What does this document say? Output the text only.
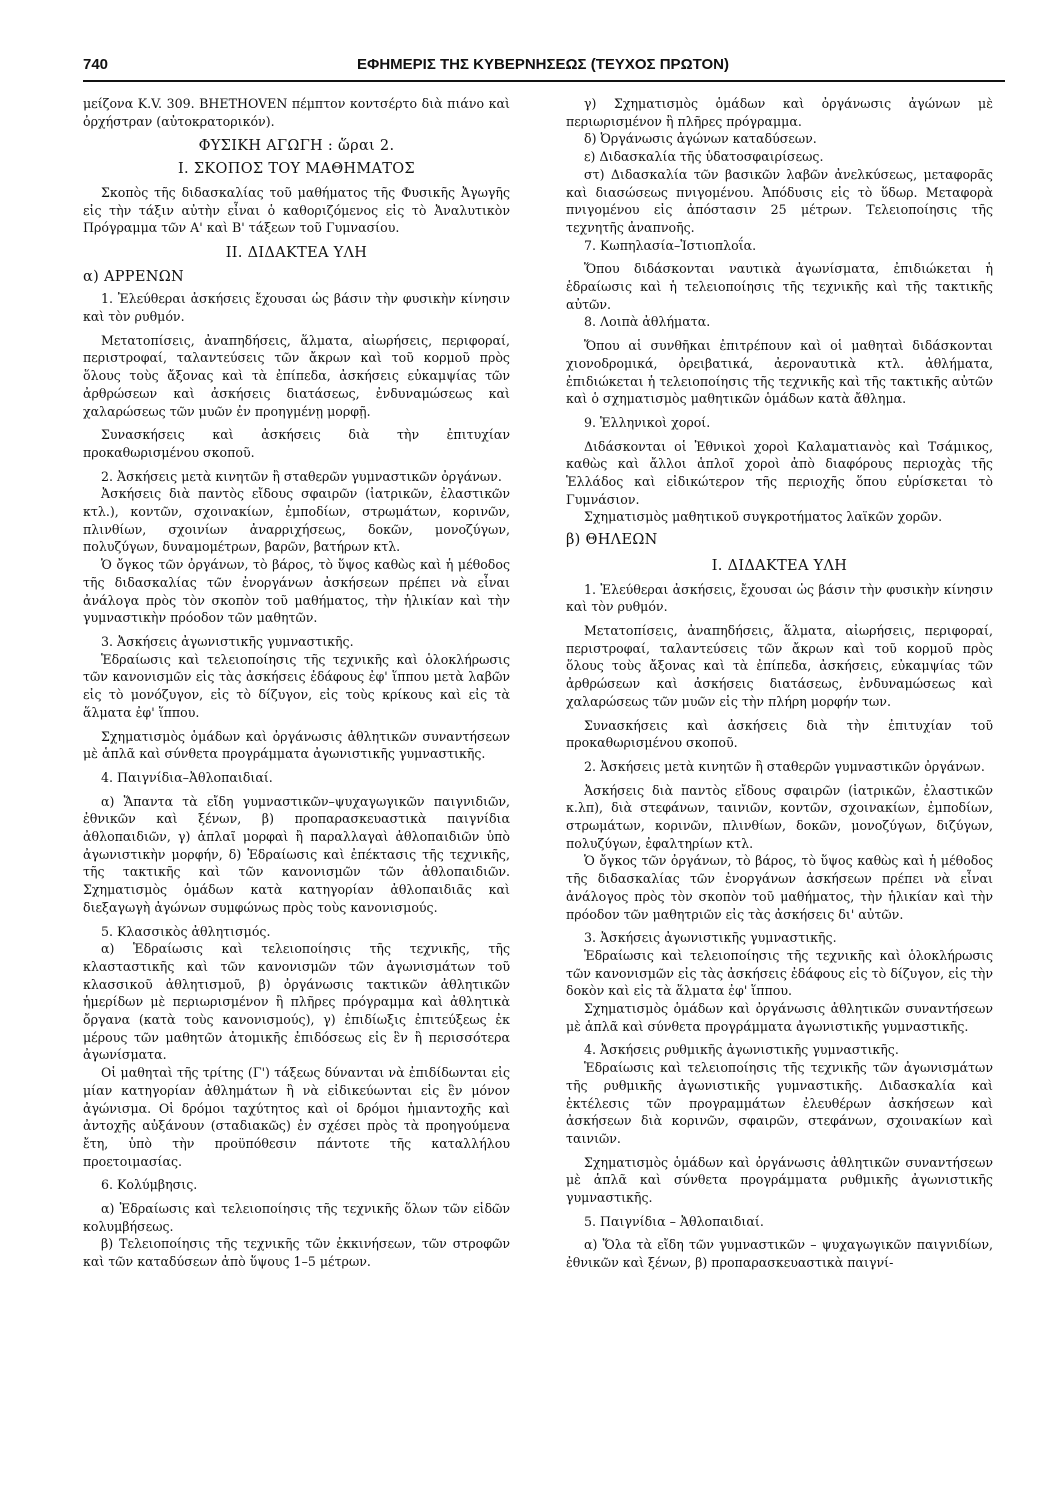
740	ΕΦΗΜΕΡΙΣ ΤΗΣ ΚΥΒΕΡΝΗΣΕΩΣ (ΤΕΥΧΟΣ ΠΡΩΤΟΝ)

μείζονα K.V. 309. BHETHOVEN πέμπτον κοντσέρτο διὰ πιάνο καὶ ὀρχήστραν (αὐτοκρατορικόν).

ΦΥΣΙΚΗ ΑΓΩΓΗ : ὥραι 2.
Ι. ΣΚΟΠΟΣ ΤΟΥ ΜΑΘΗΜΑΤΟΣ

Σκοπὸς τῆς διδασκαλίας τοῦ μαθήματος τῆς Φυσικῆς Ἀγωγῆς εἰς τὴν τάξιν αὐτὴν εἶναι ὁ καθοριζόμενος εἰς τὸ Ἀναλυτικὸν Πρόγραμμα τῶν Α' καὶ Β' τάξεων τοῦ Γυμνασίου.

ΙΙ. ΔΙΔΑΚΤΕΑ ΥΛΗ
α) ΑΡΡΕΝΩΝ

1. Ἐλεύθεραι ἀσκήσεις ἔχουσαι ὡς βάσιν τὴν φυσικὴν κίνησιν καὶ τὸν ρυθμόν.

Μετατοπίσεις, ἀναπηδήσεις, ἅλματα, αἰωρήσεις, περιφοραί, περιστροφαί, ταλαντεύσεις τῶν ἄκρων καὶ τοῦ κορμοῦ πρὸς ὅλους τοὺς ἄξονας καὶ τὰ ἐπίπεδα, ἀσκήσεις εὐκαμψίας τῶν ἀρθρώσεων καὶ ἀσκήσεις διατάσεως, ἐνδυναμώσεως καὶ χαλαρώσεως τῶν μυῶν ἐν προηγμένῃ μορφῇ.

Συνασκήσεις καὶ ἀσκήσεις διὰ τὴν ἐπιτυχίαν προκαθωρισμένου σκοποῦ.

2. Ἀσκήσεις μετὰ κινητῶν ἢ σταθερῶν γυμναστικῶν ὀργάνων.

Ἀσκήσεις διὰ παντὸς εἴδους σφαιρῶν (ἰατρικῶν, ἐλαστικῶν κτλ.), κοντῶν, σχοινακίων, ἐμποδίων, στρωμάτων, κορινῶν, πλινθίων, σχοινίων ἀναρριχήσεως, δοκῶν, μονοζύγων, πολυζύγων, δυναμομέτρων, βαρῶν, βατήρων κτλ.

Ὁ ὄγκος τῶν ὀργάνων, τὸ βάρος, τὸ ὕψος καθὼς καὶ ἡ μέθοδος τῆς διδασκαλίας τῶν ἐνοργάνων ἀσκήσεων πρέπει νὰ εἶναι ἀνάλογα πρὸς τὸν σκοπὸν τοῦ μαθήματος, τὴν ἡλικίαν καὶ τὴν γυμναστικὴν πρόοδον τῶν μαθητῶν.

3. Ἀσκήσεις ἀγωνιστικῆς γυμναστικῆς.

Ἑδραίωσις καὶ τελειοποίησις τῆς τεχνικῆς καὶ ὁλοκλήρωσις τῶν κανονισμῶν εἰς τὰς ἀσκήσεις ἐδάφους ἐφ' ἵππου μετὰ λαβῶν εἰς τὸ μονόζυγον, εἰς τὸ δίζυγον, εἰς τοὺς κρίκους καὶ εἰς τὰ ἅλματα ἐφ' ἵππου.

Σχηματισμὸς ὁμάδων καὶ ὀργάνωσις ἀθλητικῶν συναντήσεων μὲ ἁπλᾶ καὶ σύνθετα προγράμματα ἀγωνιστικῆς γυμναστικῆς.

4. Παιγνίδια–Ἀθλοπαιδιαί.

α) Ἅπαντα τὰ εἴδη γυμναστικῶν–ψυχαγωγικῶν παιγνιδιῶν, ἐθνικῶν καὶ ξένων, β) προπαρασκευαστικὰ παιγνίδια ἀθλοπαιδιῶν, γ) ἁπλαῖ μορφαὶ ἢ παραλλαγαὶ ἀθλοπαιδιῶν ὑπὸ ἀγωνιστικὴν μορφήν, δ) Ἑδραίωσις καὶ ἐπέκτασις τῆς τεχνικῆς, τῆς τακτικῆς καὶ τῶν κανονισμῶν τῶν ἀθλοπαιδιῶν. Σχηματισμὸς ὁμάδων κατὰ κατηγορίαν ἀθλοπαιδιᾶς καὶ διεξαγωγὴ ἀγώνων συμφώνως πρὸς τοὺς κανονισμούς.

5. Κλασσικὸς ἀθλητισμός.

α) Ἑδραίωσις καὶ τελειοποίησις τῆς τεχνικῆς, τῆς κλασταστικῆς καὶ τῶν κανονισμῶν τῶν ἀγωνισμάτων τοῦ κλασσικοῦ ἀθλητισμοῦ, β) ὀργάνωσις τακτικῶν ἀθλητικῶν ἡμερίδων μὲ περιωρισμένον ἢ πλῆρες πρόγραμμα καὶ ἀθλητικὰ ὄργανα (κατὰ τοὺς κανονισμούς), γ) ἐπιδίωξις ἐπιτεύξεως ἐκ μέρους τῶν μαθητῶν ἀτομικῆς ἐπιδόσεως εἰς ἓν ἢ περισσότερα ἀγωνίσματα.

Οἱ μαθηταὶ τῆς τρίτης (Γ') τάξεως δύνανται νὰ ἐπιδίδωνται εἰς μίαν κατηγορίαν ἀθλημάτων ἢ νὰ εἰδικεύωνται εἰς ἓν μόνον ἀγώνισμα. Οἱ δρόμοι ταχύτητος καὶ οἱ δρόμοι ἡμιαντοχῆς καὶ ἀντοχῆς αὐξάνουν (σταδιακῶς) ἐν σχέσει πρὸς τὰ προηγούμενα ἔτη, ὑπὸ τὴν προϋπόθεσιν πάντοτε τῆς καταλλήλου προετοιμασίας.

6. Κολύμβησις.

α) Ἑδραίωσις καὶ τελειοποίησις τῆς τεχνικῆς ὅλων τῶν εἰδῶν κολυμβήσεως.

β) Τελειοποίησις τῆς τεχνικῆς τῶν ἐκκινήσεων, τῶν στροφῶν καὶ τῶν καταδύσεων ἀπὸ ὕψους 1–5 μέτρων.

γ) Σχηματισμὸς ὁμάδων καὶ ὀργάνωσις ἀγώνων μὲ περιωρισμένον ἢ πλῆρες πρόγραμμα.

δ) Ὀργάνωσις ἀγώνων καταδύσεων.

ε) Διδασκαλία τῆς ὑδατοσφαιρίσεως.

στ) Διδασκαλία τῶν βασικῶν λαβῶν ἀνελκύσεως, μεταφορᾶς καὶ διασώσεως πνιγομένου. Ἀπόδυσις εἰς τὸ ὕδωρ. Μεταφορὰ πνιγομένου εἰς ἀπόστασιν 25 μέτρων. Τελειοποίησις τῆς τεχνητῆς ἀναπνοῆς.

7. Κωπηλασία–Ἱστιοπλοΐα.

Ὅπου διδάσκονται ναυτικὰ ἀγωνίσματα, ἐπιδιώκεται ἡ ἑδραίωσις καὶ ἡ τελειοποίησις τῆς τεχνικῆς καὶ τῆς τακτικῆς αὐτῶν.

8. Λοιπὰ ἀθλήματα.

Ὅπου αἱ συνθῆκαι ἐπιτρέπουν καὶ οἱ μαθηταὶ διδάσκονται χιονοδρομικά, ὀρειβατικά, ἀεροναυτικὰ κτλ. ἀθλήματα, ἐπιδιώκεται ἡ τελειοποίησις τῆς τεχνικῆς καὶ τῆς τακτικῆς αὐτῶν καὶ ὁ σχηματισμὸς μαθητικῶν ὁμάδων κατὰ ἄθλημα.

9. Ἑλληνικοὶ χοροί.

Διδάσκονται οἱ Ἐθνικοὶ χοροὶ Καλαματιανὸς καὶ Τσάμικος, καθὼς καὶ ἄλλοι ἁπλοῖ χοροὶ ἀπὸ διαφόρους περιοχὰς τῆς Ἑλλάδος καὶ εἰδικώτερον τῆς περιοχῆς ὅπου εὑρίσκεται τὸ Γυμνάσιον.

Σχηματισμὸς μαθητικοῦ συγκροτήματος λαϊκῶν χορῶν.

β) ΘΗΛΕΩΝ
Ι. ΔΙΔΑΚΤΕΑ ΥΛΗ

1. Ἐλεύθεραι ἀσκήσεις, ἔχουσαι ὡς βάσιν τὴν φυσικὴν κίνησιν καὶ τὸν ρυθμόν.

Μετατοπίσεις, ἀναπηδήσεις, ἅλματα, αἰωρήσεις, περιφοραί, περιστροφαί, ταλαντεύσεις τῶν ἄκρων καὶ τοῦ κορμοῦ πρὸς ὅλους τοὺς ἄξονας καὶ τὰ ἐπίπεδα, ἀσκήσεις, εὐκαμψίας τῶν ἀρθρώσεων καὶ ἀσκήσεις διατάσεως, ἐνδυναμώσεως καὶ χαλαρώσεως τῶν μυῶν εἰς τὴν πλήρη μορφήν των.

Συνασκήσεις καὶ ἀσκήσεις διὰ τὴν ἐπιτυχίαν τοῦ προκαθωρισμένου σκοποῦ.

2. Ἀσκήσεις μετὰ κινητῶν ἢ σταθερῶν γυμναστικῶν ὀργάνων.

Ἀσκήσεις διὰ παντὸς εἴδους σφαιρῶν (ἰατρικῶν, ἐλαστικῶν κ.λπ), διὰ στεφάνων, ταινιῶν, κοντῶν, σχοινακίων, ἐμποδίων, στρωμάτων, κορινῶν, πλινθίων, δοκῶν, μονοζύγων, διζύγων, πολυζύγων, ἐφαλτηρίων κτλ.

Ὁ ὄγκος τῶν ὀργάνων, τὸ βάρος, τὸ ὕψος καθὼς καὶ ἡ μέθοδος τῆς διδασκαλίας τῶν ἐνοργάνων ἀσκήσεων πρέπει νὰ εἶναι ἀνάλογος πρὸς τὸν σκοπὸν τοῦ μαθήματος, τὴν ἡλικίαν καὶ τὴν πρόοδον τῶν μαθητριῶν εἰς τὰς ἀσκήσεις δι' αὐτῶν.

3. Ἀσκήσεις ἀγωνιστικῆς γυμναστικῆς.

Ἑδραίωσις καὶ τελειοποίησις τῆς τεχνικῆς καὶ ὁλοκλήρωσις τῶν κανονισμῶν εἰς τὰς ἀσκήσεις ἐδάφους εἰς τὸ δίζυγον, εἰς τὴν δοκὸν καὶ εἰς τὰ ἅλματα ἐφ' ἵππου.

Σχηματισμὸς ὁμάδων καὶ ὀργάνωσις ἀθλητικῶν συναντήσεων μὲ ἁπλᾶ καὶ σύνθετα προγράμματα ἀγωνιστικῆς γυμναστικῆς.

4. Ἀσκήσεις ρυθμικῆς ἀγωνιστικῆς γυμναστικῆς.

Ἑδραίωσις καὶ τελειοποίησις τῆς τεχνικῆς τῶν ἀγωνισμάτων τῆς ρυθμικῆς ἀγωνιστικῆς γυμναστικῆς. Διδασκαλία καὶ ἐκτέλεσις τῶν προγραμμάτων ἐλευθέρων ἀσκήσεων καὶ ἀσκήσεων διὰ κορινῶν, σφαιρῶν, στεφάνων, σχοινακίων καὶ ταινιῶν.

Σχηματισμὸς ὁμάδων καὶ ὀργάνωσις ἀθλητικῶν συναντήσεων μὲ ἁπλᾶ καὶ σύνθετα προγράμματα ρυθμικῆς ἀγωνιστικῆς γυμναστικῆς.

5. Παιγνίδια – Ἀθλοπαιδιαί.

α) Ὅλα τὰ εἴδη τῶν γυμναστικῶν – ψυχαγωγικῶν παιγνιδίων, ἐθνικῶν καὶ ξένων, β) προπαρασκευαστικὰ παιγνί-
